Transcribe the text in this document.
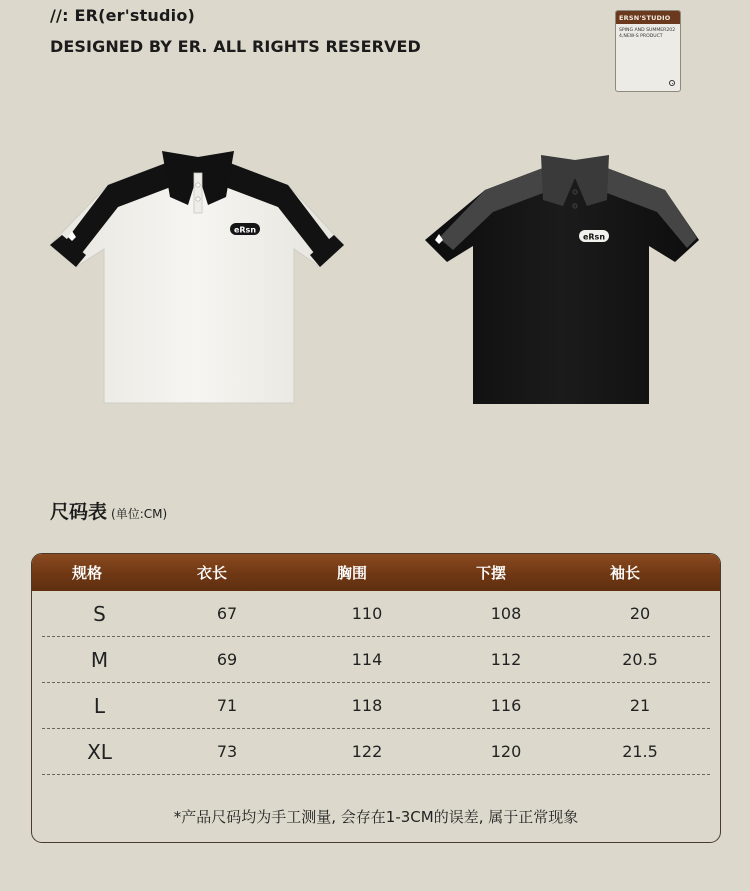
//: ER(er'studio)
DESIGNED BY ER. ALL RIGHTS RESERVED
ERSN'STUDIO
SPING AND SUMMER2024,NEW-S PRODUCT
eRsn
eRsn
尺码表 (单位:CM)
规格	衣长	胸围	下摆	袖长
S	67	110	108	20
M	69	114	112	20.5
L	71	118	116	21
XL	73	122	120	21.5
*产品尺码均为手工测量, 会存在1-3CM的误差, 属于正常现象
